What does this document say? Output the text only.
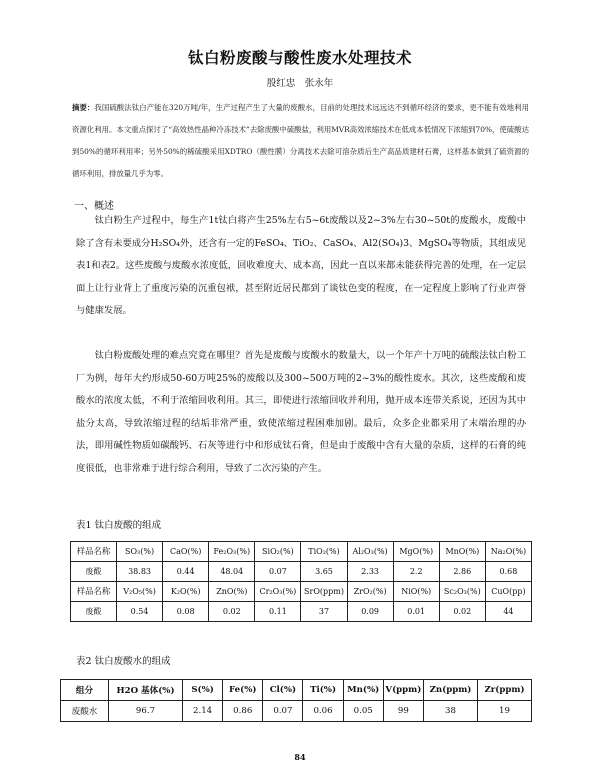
钛白粉废酸与酸性废水处理技术
殷红忠　张永年
摘要：我国硫酸法钛白产能在320万吨/年，生产过程产生了大量的废酸水，目前的处理技术远远达不到循环经济的要求，更不能有效地利用资源化利用。本文重点探讨了“高效热性晶种冷冻技术”去除废酸中硫酸盐，利用MVR高效浓缩技术在低成本低情况下浓缩到70%，使硫酸达到50%的循环利用率；另外50%的稀硫酸采用XDTRO（酸性膜）分离技术去除可溶杂质后生产高品质建材石膏，这样基本做到了硫资源的循环利用，排放量几乎为零。
一、概述

钛白粉生产过程中，每生产1t钛白将产生25%左右5~6t废酸以及2~3%左右30~50t的废酸水，废酸中除了含有未要成分H₂SO₄外，还含有一定的FeSO₄、TiO₂、CaSO₄、Al2(SO₄)3、MgSO₄等物质，其组成见表1和表2。这些废酸与废酸水浓度低，回收难度大、成本高，因此一直以来都未能获得完善的处理，在一定层面上让行业背上了重度污染的沉重包袱，甚至附近居民都到了谈钛色变的程度，在一定程度上影响了行业声誉与健康发展。

钛白粉废酸处理的难点究竟在哪里？首先是废酸与废酸水的数量大，以一个年产十万吨的硫酸法钛白粉工厂为例，每年大约形成50-60万吨25%的废酸以及300~500万吨的2~3%的酸性废水。其次，这些废酸和废酸水的浓度太低，不利于浓缩回收利用。其三，即使进行浓缩回收并利用，抛开成本连带关系说，还因为其中盐分太高，导致浓缩过程的结垢非常严重，致使浓缩过程困难加剧。最后，众多企业都采用了末端治理的办法，即用碱性物质如碳酸钙、石灰等进行中和形成钛石膏，但是由于废酸中含有大量的杂质，这样的石膏的纯度很低，也非常难于进行综合利用，导致了二次污染的产生。

表1 钛白废酸的组成
样品名称	SO₃(%)	CaO(%)	Fe₂O₃(%)	SiO₂(%)	TiO₂(%)	Al₂O₃(%)	MgO(%)	MnO(%)	Na₂O(%)
废酸	38.83	0.44	48.04	0.07	3.65	2.33	2.2	2.86	0.68
样品名称	V₂O₅(%)	K₂O(%)	ZnO(%)	Cr₂O₃(%)	SrO(ppm)	ZrO₂(%)	NiO(%)	Sc₂O₃(%)	CuO(pp)
废酸	0.54	0.08	0.02	0.11	37	0.09	0.01	0.02	44
表2 钛白废酸水的组成
组分	H2O 基体(%)	S(%)	Fe(%)	Cl(%)	Ti(%)	Mn(%)	V(ppm)	Zn(ppm)	Zr(ppm)
废酸水	96.7	2.14	0.86	0.07	0.06	0.05	99	38	19
84
